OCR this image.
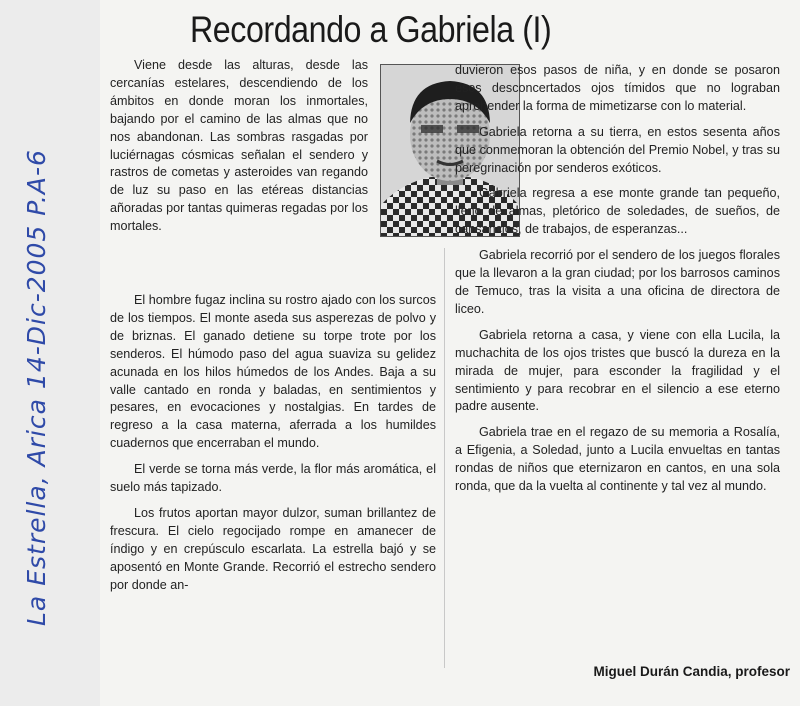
Recordando a Gabriela (I)

Viene desde las alturas, desde las cercanías estelares, descendiendo de los ámbitos en donde moran los inmortales, bajando por el camino de las almas que no nos abandonan. Las sombras rasgadas por luciérnagas cósmicas señalan el sendero y rastros de cometas y asteroides van regando de luz su paso en las etéreas distancias añoradas por tantas quimeras regadas por los mortales.

El hombre fugaz inclina su rostro ajado con los surcos de los tiempos. El monte aseda sus asperezas de polvo y de briznas. El ganado detiene su torpe trote por los senderos. El húmodo paso del agua suaviza su gelidez acunada en los hilos húmedos de los Andes. Baja a su valle cantado en ronda y baladas, en sentimientos y pesares, en evocaciones y nostalgias. En tardes de regreso a la casa materna, aferrada a los humildes cuadernos que encerraban el mundo.

El verde se torna más verde, la flor más aromática, el suelo más tapizado.

Los frutos aportan mayor dulzor, suman brillantez de frescura. El cielo regocijado rompe en amanecer de índigo y en crepúsculo escarlata. La estrella bajó y se aposentó en Monte Grande. Recorrió el estrecho sendero por donde an-

duvieron esos pasos de niña, y en donde se posaron esos desconcertados ojos tímidos que no lograban aprehender la forma de mimetizarse con lo material.

Gabriela retorna a su tierra, en estos sesenta años que conmemoran la obtención del Premio Nobel, y tras su peregrinación por senderos exóticos.

Gabriela regresa a ese monte grande tan pequeño, lleno de almas, pletórico de soledades, de sueños, de cansancios, de trabajos, de esperanzas...

Gabriela recorrió por el sendero de los juegos florales que la llevaron a la gran ciudad; por los barrosos caminos de Temuco, tras la visita a una oficina de directora de liceo.

Gabriela retorna a casa, y viene con ella Lucila, la muchachita de los ojos tristes que buscó la dureza en la mirada de mujer, para esconder la fragilidad y el sentimiento y para recobrar en el silencio a ese eterno padre ausente.

Gabriela trae en el regazo de su memoria a Rosalía, a Efigenia, a Soledad, junto a Lucila envueltas en tantas rondas de niños que eternizaron en cantos, en una sola ronda, que da la vuelta al continente y tal vez al mundo.

Miguel Durán Candia, profesor
La Estrella, Arica 14-Dic-2005 P.A-6
